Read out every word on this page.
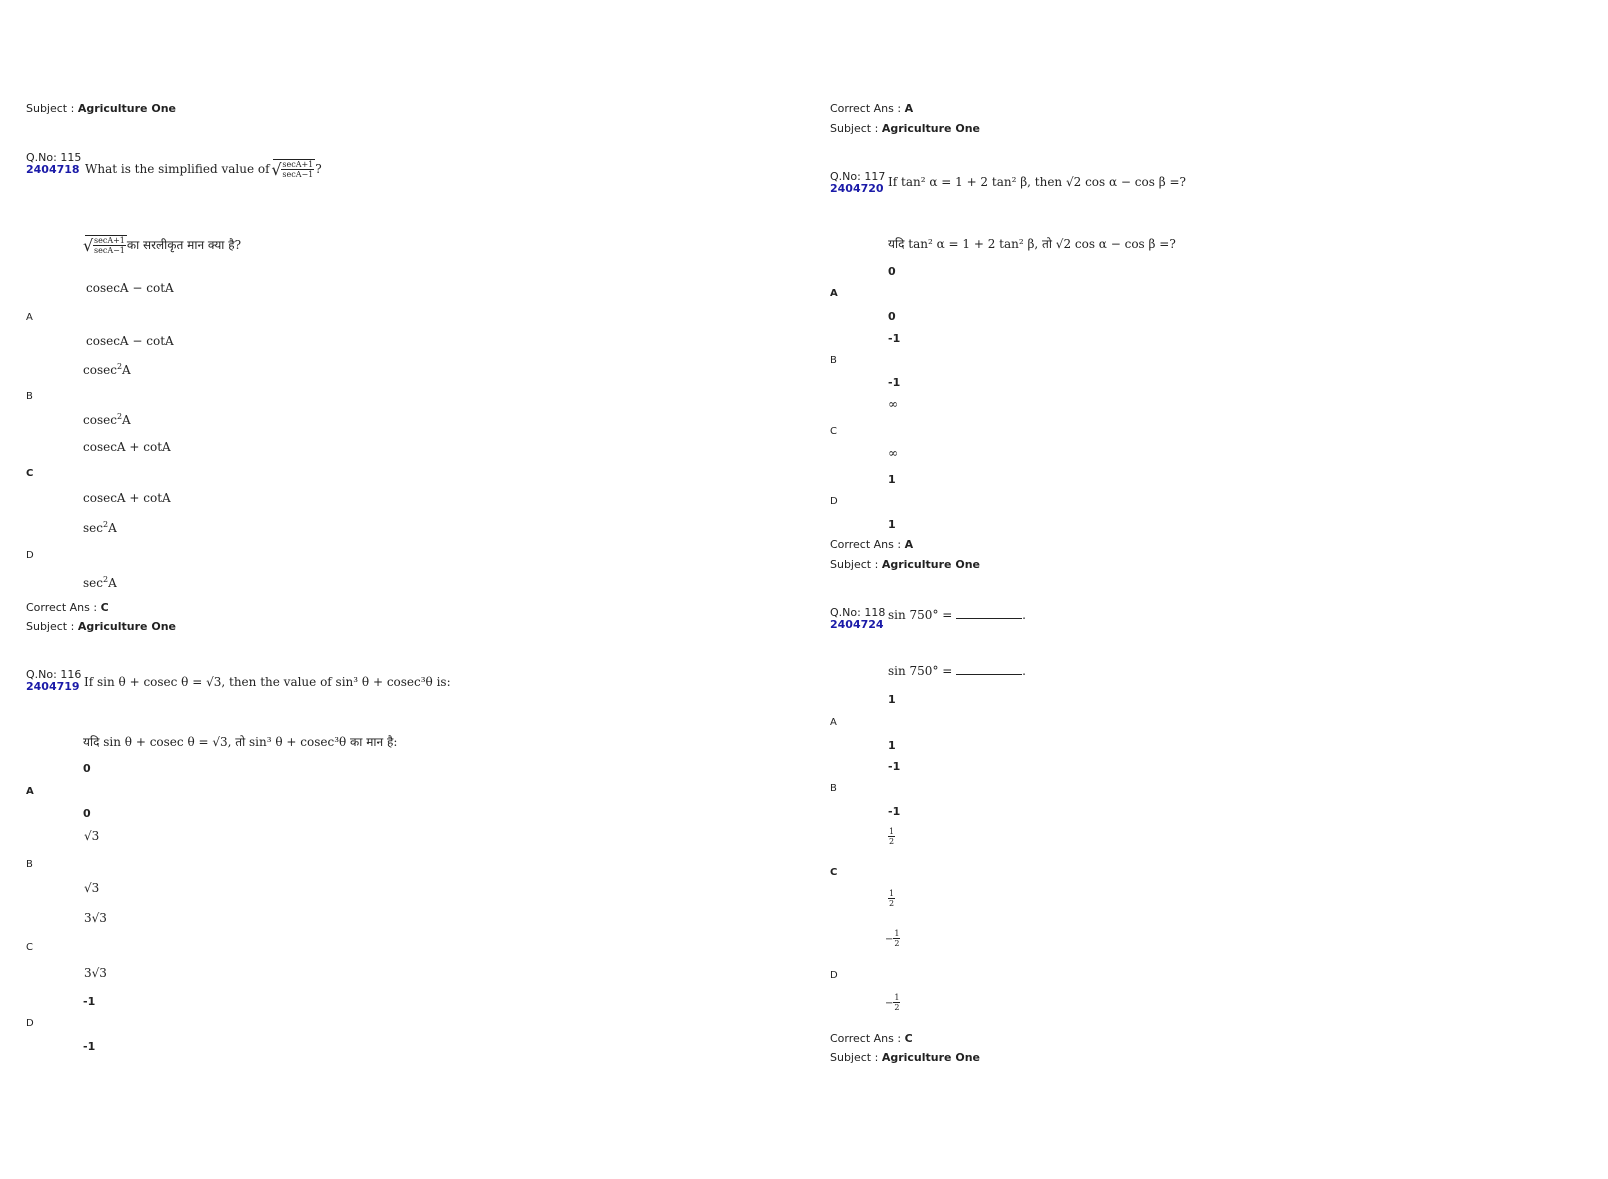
Subject : Agriculture One
Q.No: 115
2404718 What is the simplified value of
√ $\frac{\sec A+1}{\sec A-1}$ ?
√ $\frac{\sec A+1}{\sec A-1}$ का सरलीकृत मान क्या है?
cosecA − cotA
A
cosecA − cotA
cosec$^2$A
B
cosec$^2$A
cosecA + cotA
C
cosecA + cotA
$\sec^2A$
D
$\sec^2A$
Correct Ans : C
Subject : Agriculture One
Q.No: 116
2404719 If sin θ + cosec θ = √3, then the value of sin³ θ + cosec³θ is:
यदि sin θ + cosec θ = √3, तो sin³ θ + cosec³θ का मान है:
0
A
0
√3
B
√3
3√3
C
3√3
-1
D
-1
Correct Ans : A
Subject : Agriculture One
Q.No: 117
2404720 If tan² α = 1 + 2 tan² β, then √2 cos α − cos β =?
यदि tan² α = 1 + 2 tan² β, तो √2 cos α − cos β =?
0
A
0
-1
B
-1
∞
C
∞
1
D
1
Correct Ans : A
Subject : Agriculture One
Q.No: 118
2404724
sin 750° =	.
sin 750° =	.
1
A
1
-1
B
-1
$\frac{1}{2}$
C
$\frac{1}{2}$
− $\frac{1}{2}$
D
− $\frac{1}{2}$
Correct Ans : C
Subject : Agriculture One
